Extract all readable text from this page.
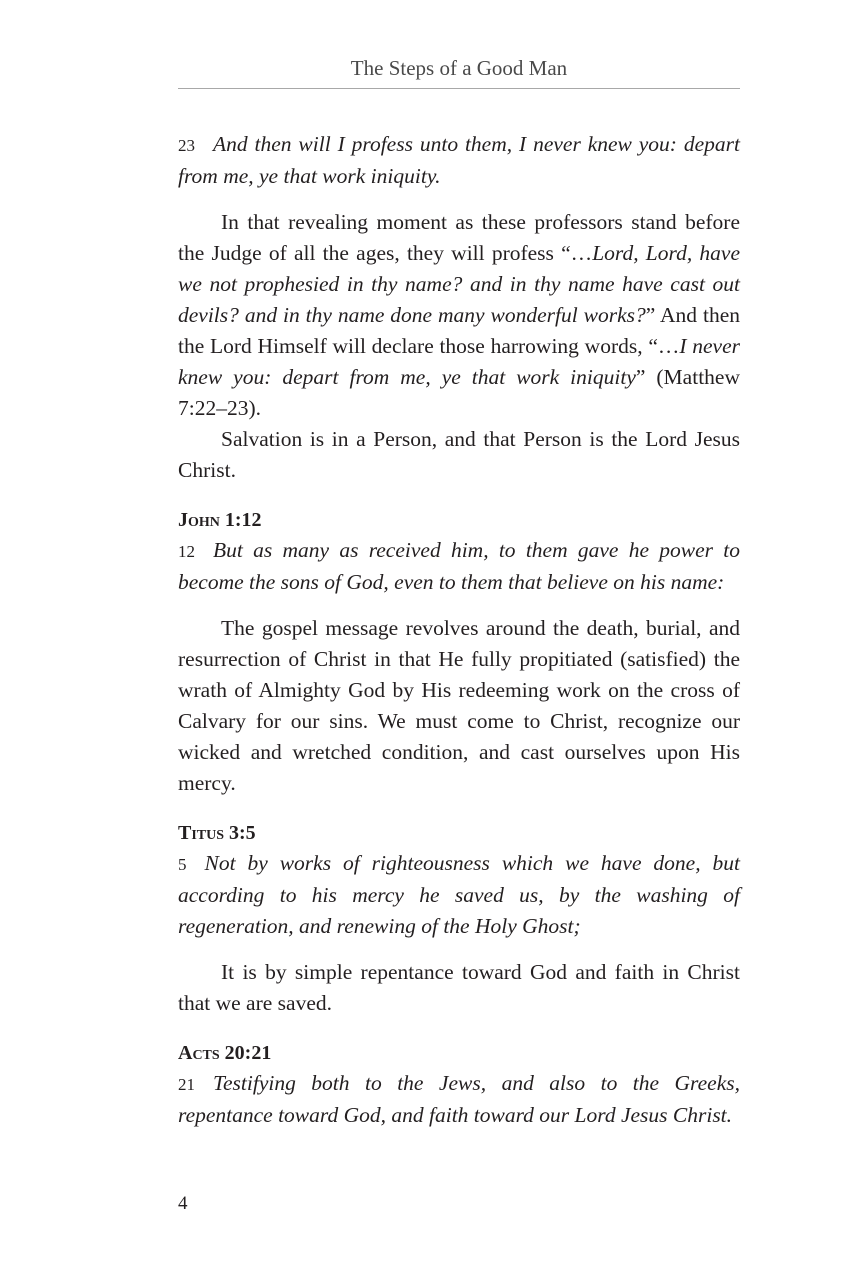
The Steps of a Good Man

23 And then will I profess unto them, I never knew you: depart from me, ye that work iniquity.

In that revealing moment as these professors stand before the Judge of all the ages, they will profess “…Lord, Lord, have we not prophesied in thy name? and in thy name have cast out devils? and in thy name done many wonderful works?” And then the Lord Himself will declare those harrowing words, “…I never knew you: depart from me, ye that work iniquity” (Matthew 7:22–23).

Salvation is in a Person, and that Person is the Lord Jesus Christ.

John 1:12

12 But as many as received him, to them gave he power to become the sons of God, even to them that believe on his name:

The gospel message revolves around the death, burial, and resurrection of Christ in that He fully propitiated (satisfied) the wrath of Almighty God by His redeeming work on the cross of Calvary for our sins. We must come to Christ, recognize our wicked and wretched condition, and cast ourselves upon His mercy.

Titus 3:5

5 Not by works of righteousness which we have done, but according to his mercy he saved us, by the washing of regeneration, and renewing of the Holy Ghost;

It is by simple repentance toward God and faith in Christ that we are saved.

Acts 20:21

21 Testifying both to the Jews, and also to the Greeks, repentance toward God, and faith toward our Lord Jesus Christ.

4
